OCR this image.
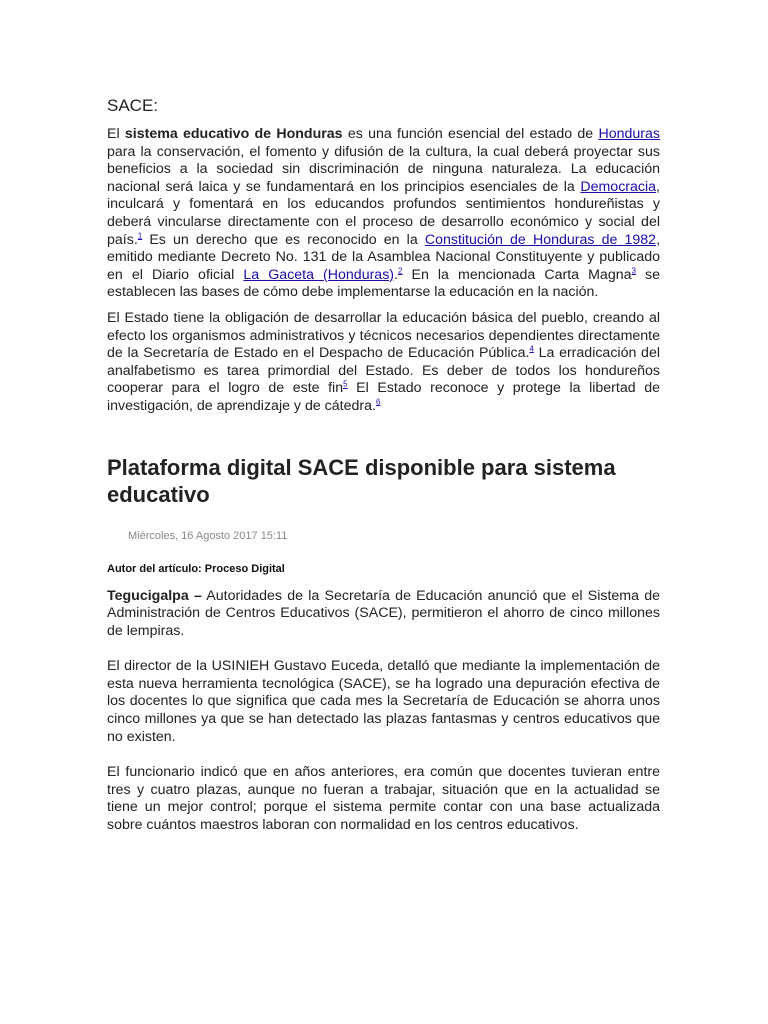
SACE:

El sistema educativo de Honduras es una función esencial del estado de Honduras para la conservación, el fomento y difusión de la cultura, la cual deberá proyectar sus beneficios a la sociedad sin discriminación de ninguna naturaleza. La educación nacional será laica y se fundamentará en los principios esenciales de la Democracia, inculcará y fomentará en los educandos profundos sentimientos hondureñistas y deberá vincularse directamente con el proceso de desarrollo económico y social del país.$^1$ Es un derecho que es reconocido en la Constitución de Honduras de 1982, emitido mediante Decreto No. 131 de la Asamblea Nacional Constituyente y publicado en el Diario oficial La Gaceta (Honduras).$^2$ En la mencionada Carta Magna$^3$ se establecen las bases de cómo debe implementarse la educación en la nación.

El Estado tiene la obligación de desarrollar la educación básica del pueblo, creando al efecto los organismos administrativos y técnicos necesarios dependientes directamente de la Secretaría de Estado en el Despacho de Educación Pública.$^4$ La erradicación del analfabetismo es tarea primordial del Estado. Es deber de todos los hondureños cooperar para el logro de este fin$^5$ El Estado reconoce y protege la libertad de investigación, de aprendizaje y de cátedra.$^6$

Plataforma digital SACE disponible para sistema educativo
Miércoles, 16 Agosto 2017 15:11
Autor del artículo: Proceso Digital

Tegucigalpa – Autoridades de la Secretaría de Educación anunció que el Sistema de Administración de Centros Educativos (SACE), permitieron el ahorro de cinco millones de lempiras.

El director de la USINIEH Gustavo Euceda, detalló que mediante la implementación de esta nueva herramienta tecnológica (SACE), se ha logrado una depuración efectiva de los docentes lo que significa que cada mes la Secretaría de Educación se ahorra unos cinco millones ya que se han detectado las plazas fantasmas y centros educativos que no existen.

El funcionario indicó que en años anteriores, era común que docentes tuvieran entre tres y cuatro plazas, aunque no fueran a trabajar, situación que en la actualidad se tiene un mejor control; porque el sistema permite contar con una base actualizada sobre cuántos maestros laboran con normalidad en los centros educativos.
